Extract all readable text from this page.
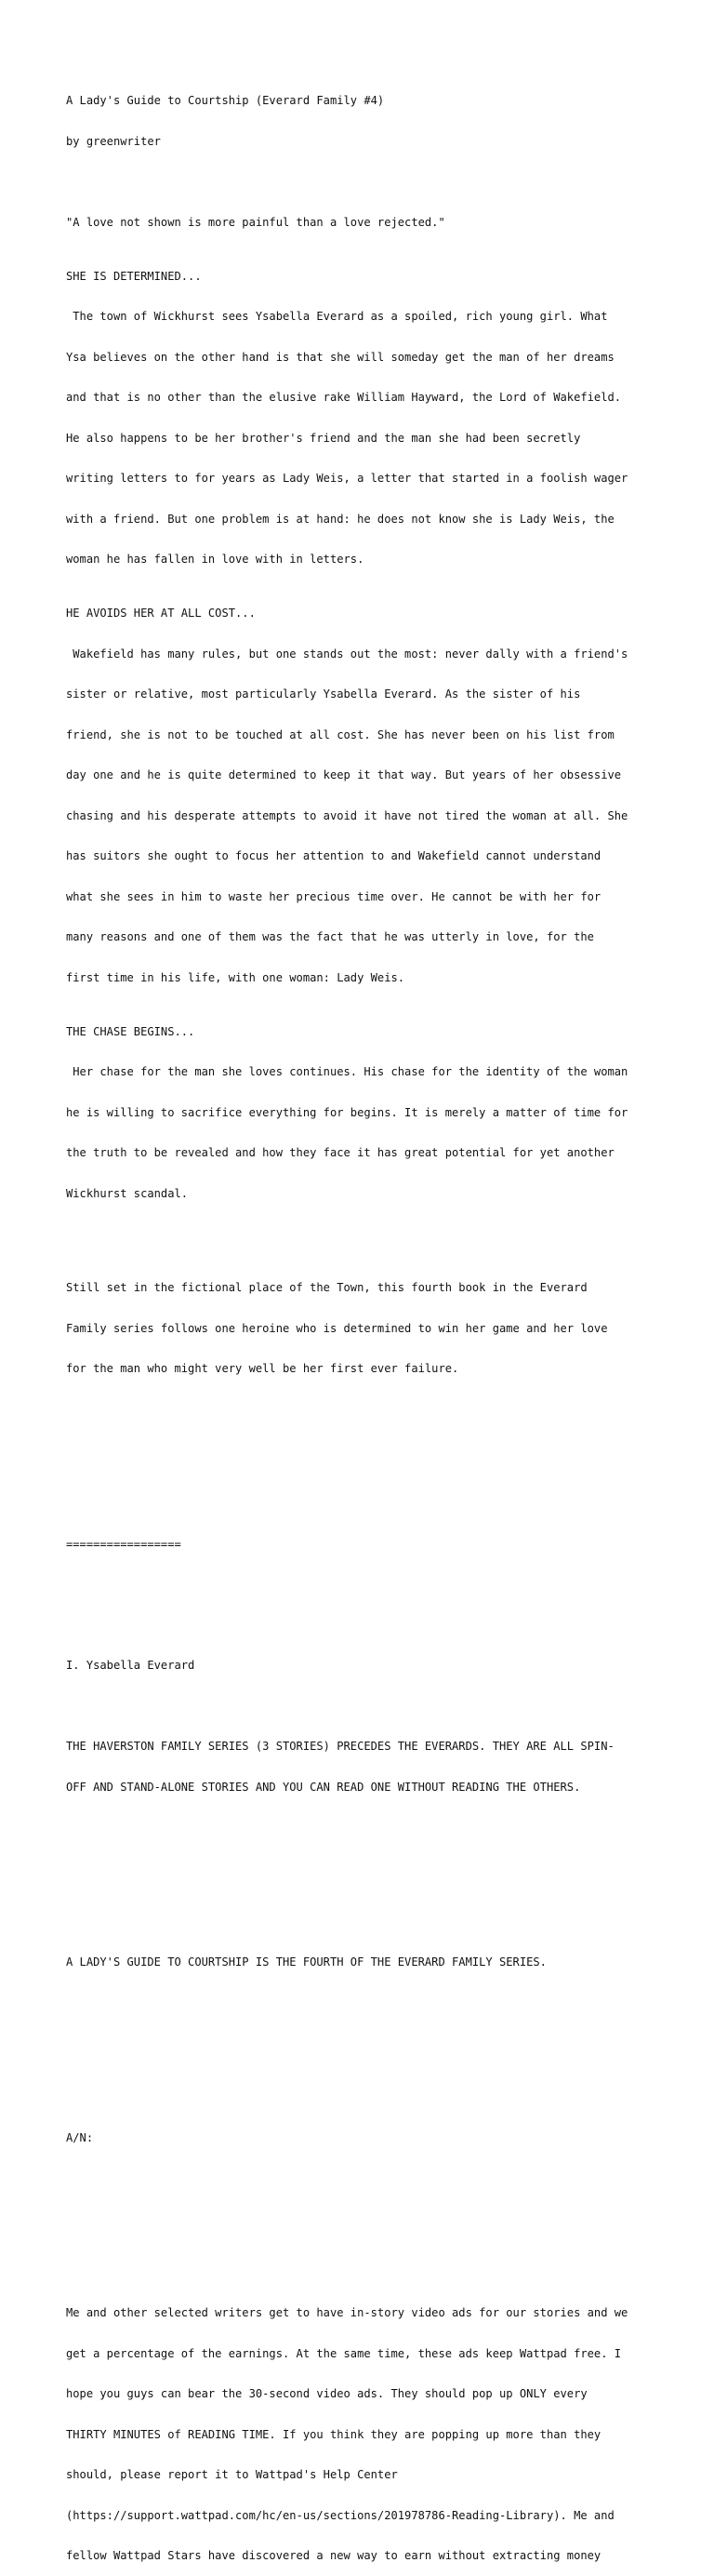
A Lady's Guide to Courtship (Everard Family #4)

by greenwriter

"A love not shown is more painful than a love rejected."

SHE IS DETERMINED...

The town of Wickhurst sees Ysabella Everard as a spoiled, rich young girl. What

Ysa believes on the other hand is that she will someday get the man of her dreams

and that is no other than the elusive rake William Hayward, the Lord of Wakefield.

He also happens to be her brother's friend and the man she had been secretly

writing letters to for years as Lady Weis, a letter that started in a foolish wager

with a friend. But one problem is at hand: he does not know she is Lady Weis, the

woman he has fallen in love with in letters.

HE AVOIDS HER AT ALL COST...

Wakefield has many rules, but one stands out the most: never dally with a friend's

sister or relative, most particularly Ysabella Everard. As the sister of his

friend, she is not to be touched at all cost. She has never been on his list from

day one and he is quite determined to keep it that way. But years of her obsessive

chasing and his desperate attempts to avoid it have not tired the woman at all. She

has suitors she ought to focus her attention to and Wakefield cannot understand

what she sees in him to waste her precious time over. He cannot be with her for

many reasons and one of them was the fact that he was utterly in love, for the

first time in his life, with one woman: Lady Weis.

THE CHASE BEGINS...

Her chase for the man she loves continues. His chase for the identity of the woman

he is willing to sacrifice everything for begins. It is merely a matter of time for

the truth to be revealed and how they face it has great potential for yet another

Wickhurst scandal.

Still set in the fictional place of the Town, this fourth book in the Everard

Family series follows one heroine who is determined to win her game and her love

for the man who might very well be her first ever failure.

=================

I. Ysabella Everard

THE HAVERSTON FAMILY SERIES (3 STORIES) PRECEDES THE EVERARDS. THEY ARE ALL SPIN-

OFF AND STAND-ALONE STORIES AND YOU CAN READ ONE WITHOUT READING THE OTHERS.

A LADY'S GUIDE TO COURTSHIP IS THE FOURTH OF THE EVERARD FAMILY SERIES.

A/N:

Me and other selected writers get to have in-story video ads for our stories and we

get a percentage of the earnings. At the same time, these ads keep Wattpad free. I

hope you guys can bear the 30-second video ads. They should pop up ONLY every

THIRTY MINUTES of READING TIME. If you think they are popping up more than they

should, please report it to Wattpad's Help Center

(https://support.wattpad.com/hc/en-us/sections/201978786-Reading-Library). Me and

fellow Wattpad Stars have discovered a new way to earn without extracting money
